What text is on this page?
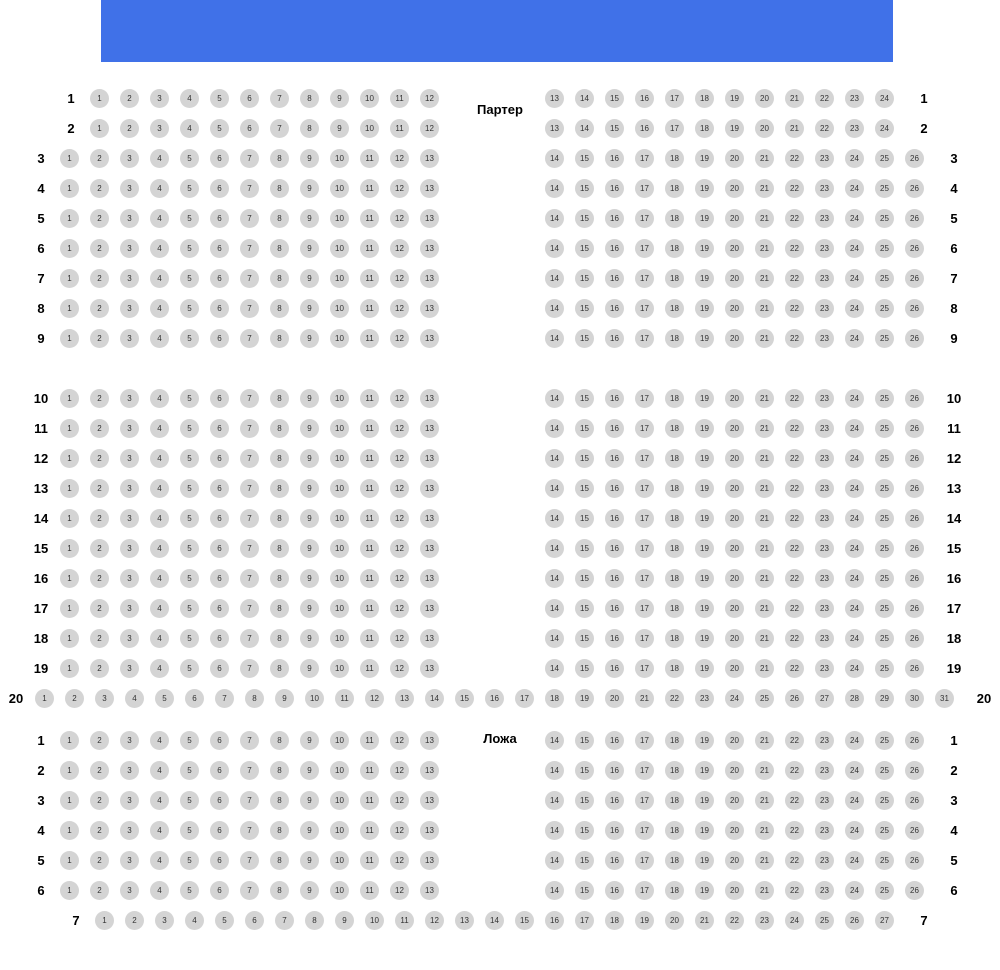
Партер
1	2	3	4	5	6	7	8	9	10	11	12	13	14	15	16	17	18	19	20	21	22	23	24
1	1
1	2	3	4	5	6	7	8	9	10	11	12	13	14	15	16	17	18	19	20	21	22	23	24
2	2
1	2	3	4	5	6	7	8	9	10	11	12	13	14	15	16	17	18	19	20	21	22	23	24	25	26
3	3
1	2	3	4	5	6	7	8	9	10	11	12	13	14	15	16	17	18	19	20	21	22	23	24	25	26
4	4
1	2	3	4	5	6	7	8	9	10	11	12	13	14	15	16	17	18	19	20	21	22	23	24	25	26
5	5
1	2	3	4	5	6	7	8	9	10	11	12	13	14	15	16	17	18	19	20	21	22	23	24	25	26
6	6
1	2	3	4	5	6	7	8	9	10	11	12	13	14	15	16	17	18	19	20	21	22	23	24	25	26
7	7
1	2	3	4	5	6	7	8	9	10	11	12	13	14	15	16	17	18	19	20	21	22	23	24	25	26
8	8
1	2	3	4	5	6	7	8	9	10	11	12	13	14	15	16	17	18	19	20	21	22	23	24	25	26
9	9
1	2	3	4	5	6	7	8	9	10	11	12	13	14	15	16	17	18	19	20	21	22	23	24	25	26
10	10
1	2	3	4	5	6	7	8	9	10	11	12	13	14	15	16	17	18	19	20	21	22	23	24	25	26
11	11
1	2	3	4	5	6	7	8	9	10	11	12	13	14	15	16	17	18	19	20	21	22	23	24	25	26
12	12
1	2	3	4	5	6	7	8	9	10	11	12	13	14	15	16	17	18	19	20	21	22	23	24	25	26
13	13
1	2	3	4	5	6	7	8	9	10	11	12	13	14	15	16	17	18	19	20	21	22	23	24	25	26
14	14
1	2	3	4	5	6	7	8	9	10	11	12	13	14	15	16	17	18	19	20	21	22	23	24	25	26
15	15
1	2	3	4	5	6	7	8	9	10	11	12	13	14	15	16	17	18	19	20	21	22	23	24	25	26
16	16
1	2	3	4	5	6	7	8	9	10	11	12	13	14	15	16	17	18	19	20	21	22	23	24	25	26
17	17
1	2	3	4	5	6	7	8	9	10	11	12	13	14	15	16	17	18	19	20	21	22	23	24	25	26
18	18
1	2	3	4	5	6	7	8	9	10	11	12	13	14	15	16	17	18	19	20	21	22	23	24	25	26
19	19
1	2	3	4	5	6	7	8	9	10	11	12	13	14	15	16	17	18	19	20	21	22	23	24	25	26	27	28	29	30	31
20	20
Ложа
1	2	3	4	5	6	7	8	9	10	11	12	13	14	15	16	17	18	19	20	21	22	23	24	25	26
1	1
1	2	3	4	5	6	7	8	9	10	11	12	13	14	15	16	17	18	19	20	21	22	23	24	25	26
2	2
1	2	3	4	5	6	7	8	9	10	11	12	13	14	15	16	17	18	19	20	21	22	23	24	25	26
3	3
1	2	3	4	5	6	7	8	9	10	11	12	13	14	15	16	17	18	19	20	21	22	23	24	25	26
4	4
1	2	3	4	5	6	7	8	9	10	11	12	13	14	15	16	17	18	19	20	21	22	23	24	25	26
5	5
1	2	3	4	5	6	7	8	9	10	11	12	13	14	15	16	17	18	19	20	21	22	23	24	25	26
6	6
1	2	3	4	5	6	7	8	9	10	11	12	13	14	15	16	17	18	19	20	21	22	23	24	25	26	27
7	7
